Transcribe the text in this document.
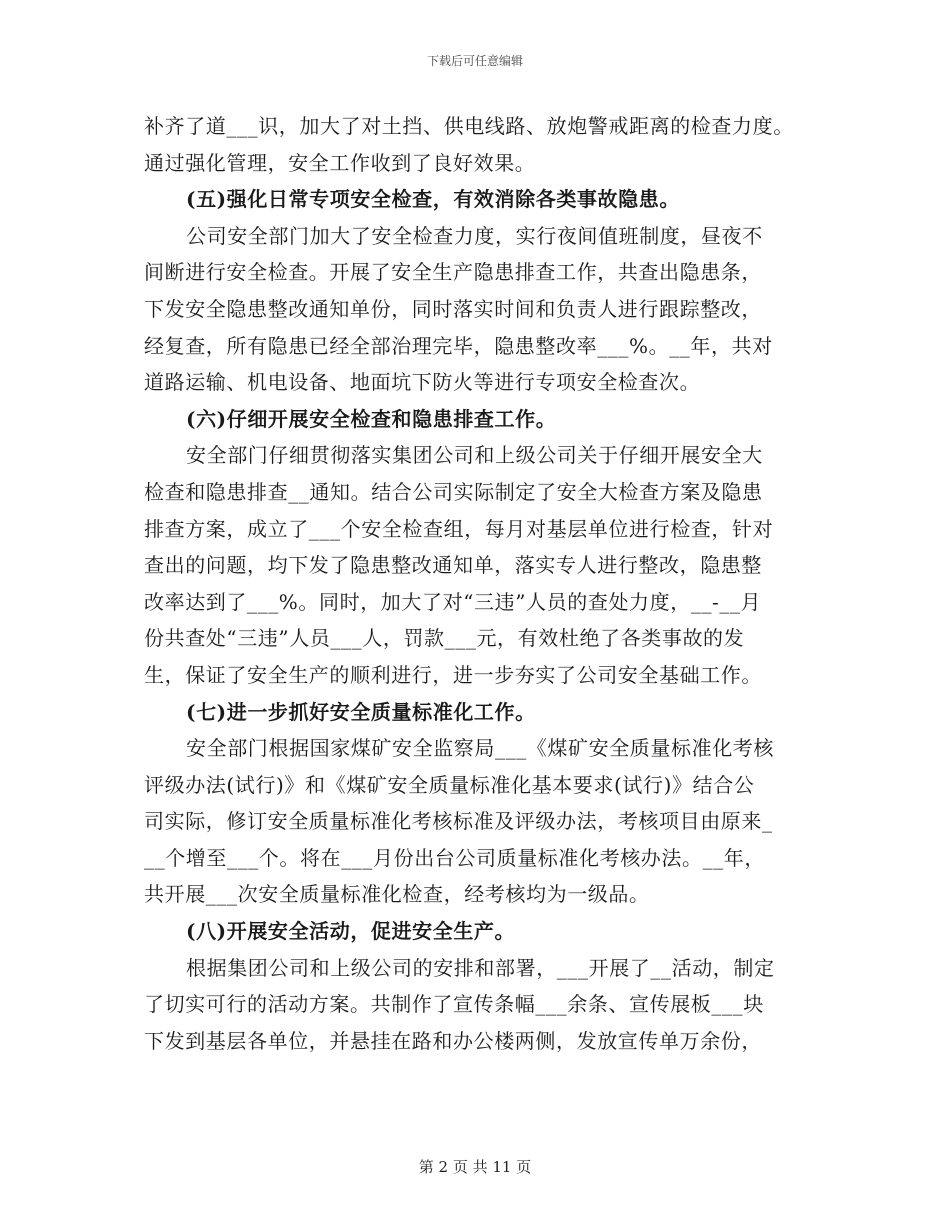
下载后可任意编辑
补齐了道___识，加大了对土挡、供电线路、放炮警戒距离的检查力度。
通过强化管理，安全工作收到了良好效果。
(五)强化日常专项安全检查，有效消除各类事故隐患。
公司安全部门加大了安全检查力度，实行夜间值班制度，昼夜不
间断进行安全检查。开展了安全生产隐患排查工作，共查出隐患条，
下发安全隐患整改通知单份，同时落实时间和负责人进行跟踪整改，
经复查，所有隐患已经全部治理完毕，隐患整改率___%。__年，共对
道路运输、机电设备、地面坑下防火等进行专项安全检查次。
(六)仔细开展安全检查和隐患排查工作。
安全部门仔细贯彻落实集团公司和上级公司关于仔细开展安全大
检查和隐患排查__通知。结合公司实际制定了安全大检查方案及隐患
排查方案，成立了___个安全检查组，每月对基层单位进行检查，针对
查出的问题，均下发了隐患整改通知单，落实专人进行整改，隐患整
改率达到了___%。同时，加大了对“三违”人员的查处力度，__-__月
份共查处“三违”人员___人，罚款___元，有效杜绝了各类事故的发
生，保证了安全生产的顺利进行，进一步夯实了公司安全基础工作。
(七)进一步抓好安全质量标准化工作。
安全部门根据国家煤矿安全监察局___《煤矿安全质量标准化考核
评级办法(试行)》和《煤矿安全质量标准化基本要求(试行)》结合公
司实际，修订安全质量标准化考核标准及评级办法，考核项目由原来_
__个增至___个。将在___月份出台公司质量标准化考核办法。__年，
共开展___次安全质量标准化检查，经考核均为一级品。
(八)开展安全活动，促进安全生产。
根据集团公司和上级公司的安排和部署，___开展了__活动，制定
了切实可行的活动方案。共制作了宣传条幅___余条、宣传展板___块
下发到基层各单位，并悬挂在路和办公楼两侧，发放宣传单万余份，
第 2 页 共 11 页
